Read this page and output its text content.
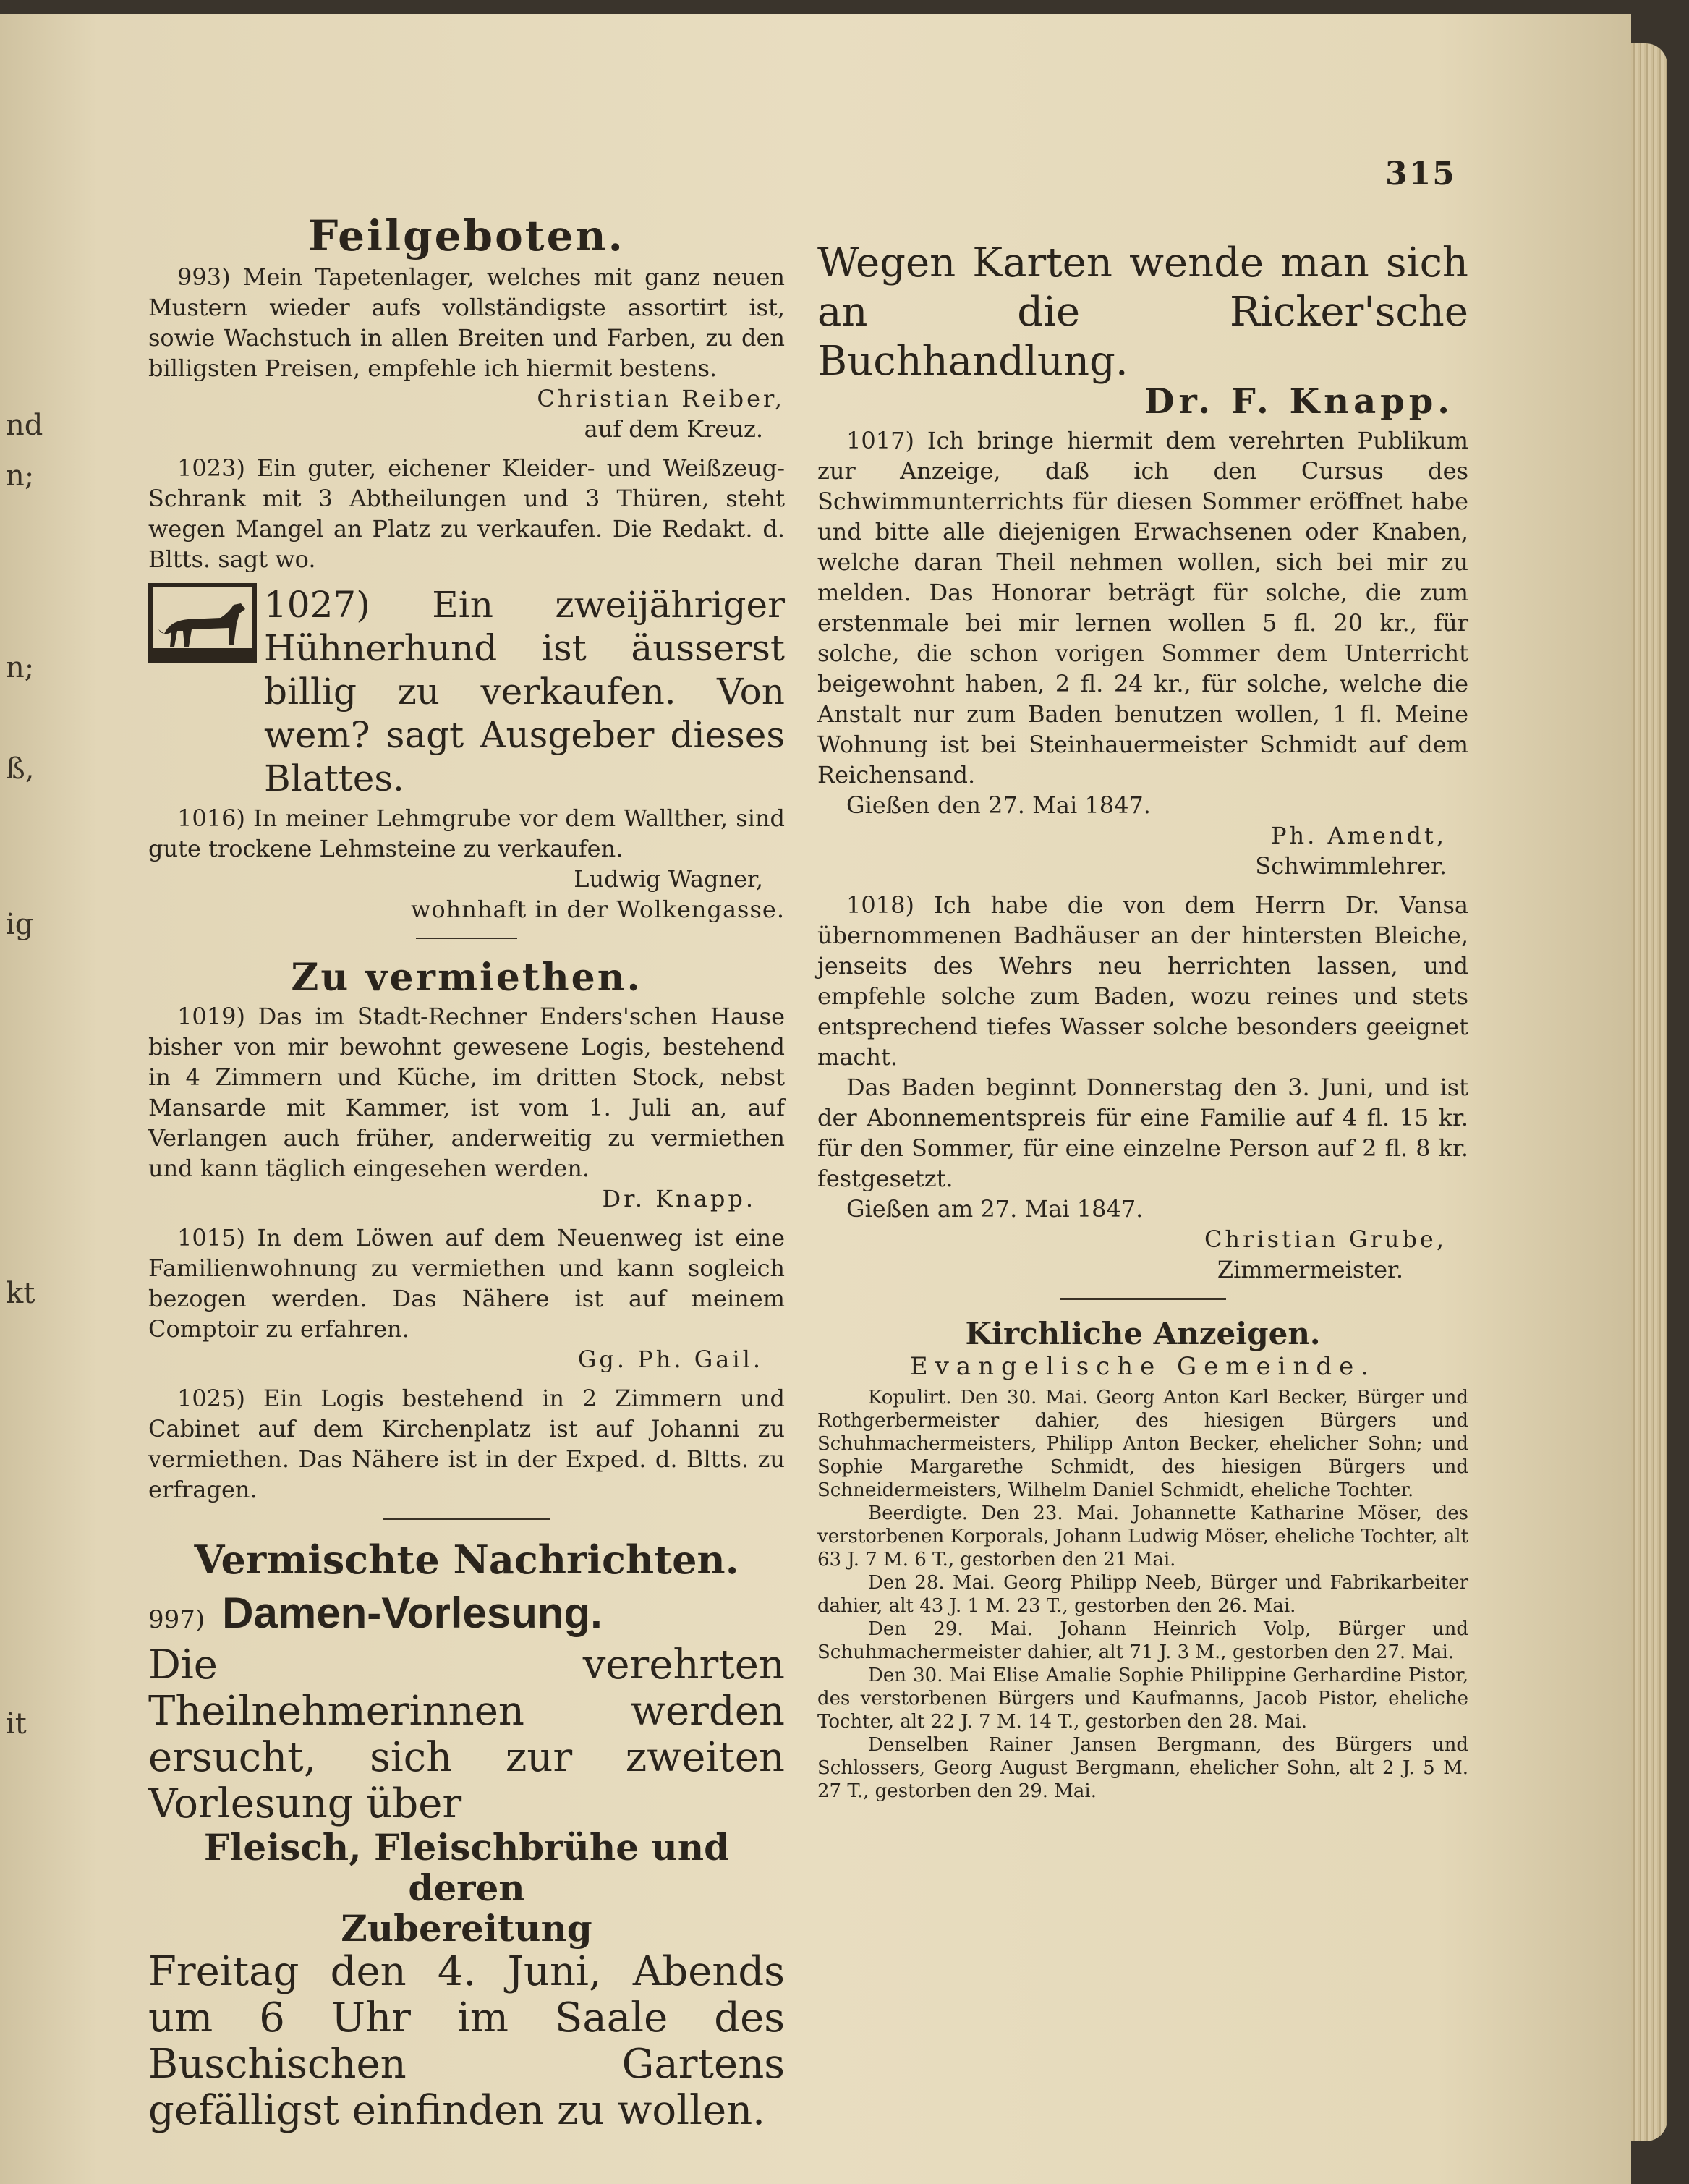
nd
n;
n;
ß,
ig
kt
it
315
Feilgeboten.

993) Mein Tapetenlager, welches mit ganz neuen Mustern wieder aufs vollständigste assortirt ist, sowie Wachstuch in allen Breiten und Farben, zu den billigsten Preisen, empfehle ich hiermit bestens.

Christian Reiber,

auf dem Kreuz.

1023) Ein guter, eichener Kleider- und Weißzeug-Schrank mit 3 Abtheilungen und 3 Thüren, steht wegen Mangel an Platz zu verkaufen. Die Redakt. d. Bltts. sagt wo.

1027) Ein zweijähriger Hühnerhund ist äusserst billig zu verkaufen. Von wem? sagt Ausgeber dieses Blattes.

1016) In meiner Lehmgrube vor dem Wallther, sind gute trockene Lehmsteine zu verkaufen.

Ludwig Wagner,

wohnhaft in der Wolkengasse.

Zu vermiethen.

1019) Das im Stadt-Rechner Enders'schen Hause bisher von mir bewohnt gewesene Logis, bestehend in 4 Zimmern und Küche, im dritten Stock, nebst Mansarde mit Kammer, ist vom 1. Juli an, auf Verlangen auch früher, anderweitig zu vermiethen und kann täglich eingesehen werden.

Dr. Knapp.

1015) In dem Löwen auf dem Neuenweg ist eine Familienwohnung zu vermiethen und kann sogleich bezogen werden. Das Nähere ist auf meinem Comptoir zu erfahren.

Gg. Ph. Gail.

1025) Ein Logis bestehend in 2 Zimmern und Cabinet auf dem Kirchenplatz ist auf Johanni zu vermiethen. Das Nähere ist in der Exped. d. Bltts. zu erfragen.

Vermischte Nachrichten.
997) Damen-Vorlesung.

Die verehrten Theilnehmerinnen werden ersucht, sich zur zweiten Vorlesung über

Fleisch, Fleischbrühe und deren

Zubereitung

Freitag den 4. Juni, Abends um 6 Uhr im Saale des Buschischen Gartens gefälligst einfinden zu wollen.

Wegen Karten wende man sich an die Ricker'sche Buchhandlung.

Dr. F. Knapp.

1017) Ich bringe hiermit dem verehrten Publikum zur Anzeige, daß ich den Cursus des Schwimmunterrichts für diesen Sommer eröffnet habe und bitte alle diejenigen Erwachsenen oder Knaben, welche daran Theil nehmen wollen, sich bei mir zu melden. Das Honorar beträgt für solche, die zum erstenmale bei mir lernen wollen 5 fl. 20 kr., für solche, die schon vorigen Sommer dem Unterricht beigewohnt haben, 2 fl. 24 kr., für solche, welche die Anstalt nur zum Baden benutzen wollen, 1 fl. Meine Wohnung ist bei Steinhauermeister Schmidt auf dem Reichensand.

Gießen den 27. Mai 1847.

Ph. Amendt,

Schwimmlehrer.

1018) Ich habe die von dem Herrn Dr. Vansa übernommenen Badhäuser an der hintersten Bleiche, jenseits des Wehrs neu herrichten lassen, und empfehle solche zum Baden, wozu reines und stets entsprechend tiefes Wasser solche besonders geeignet macht.

Das Baden beginnt Donnerstag den 3. Juni, und ist der Abonnementspreis für eine Familie auf 4 fl. 15 kr. für den Sommer, für eine einzelne Person auf 2 fl. 8 kr. festgesetzt.

Gießen am 27. Mai 1847.

Christian Grube,

Zimmermeister.

Kirchliche Anzeigen.

Evangelische Gemeinde.

Kopulirt. Den 30. Mai. Georg Anton Karl Becker, Bürger und Rothgerbermeister dahier, des hiesigen Bürgers und Schuhmachermeisters, Philipp Anton Becker, ehelicher Sohn; und Sophie Margarethe Schmidt, des hiesigen Bürgers und Schneidermeisters, Wilhelm Daniel Schmidt, eheliche Tochter.

Beerdigte. Den 23. Mai. Johannette Katharine Möser, des verstorbenen Korporals, Johann Ludwig Möser, eheliche Tochter, alt 63 J. 7 M. 6 T., gestorben den 21 Mai.

Den 28. Mai. Georg Philipp Neeb, Bürger und Fabrikarbeiter dahier, alt 43 J. 1 M. 23 T., gestorben den 26. Mai.

Den 29. Mai. Johann Heinrich Volp, Bürger und Schuhmachermeister dahier, alt 71 J. 3 M., gestorben den 27. Mai.

Den 30. Mai Elise Amalie Sophie Philippine Gerhardine Pistor, des verstorbenen Bürgers und Kaufmanns, Jacob Pistor, eheliche Tochter, alt 22 J. 7 M. 14 T., gestorben den 28. Mai.

Denselben Rainer Jansen Bergmann, des Bürgers und Schlossers, Georg August Bergmann, ehelicher Sohn, alt 2 J. 5 M. 27 T., gestorben den 29. Mai.
